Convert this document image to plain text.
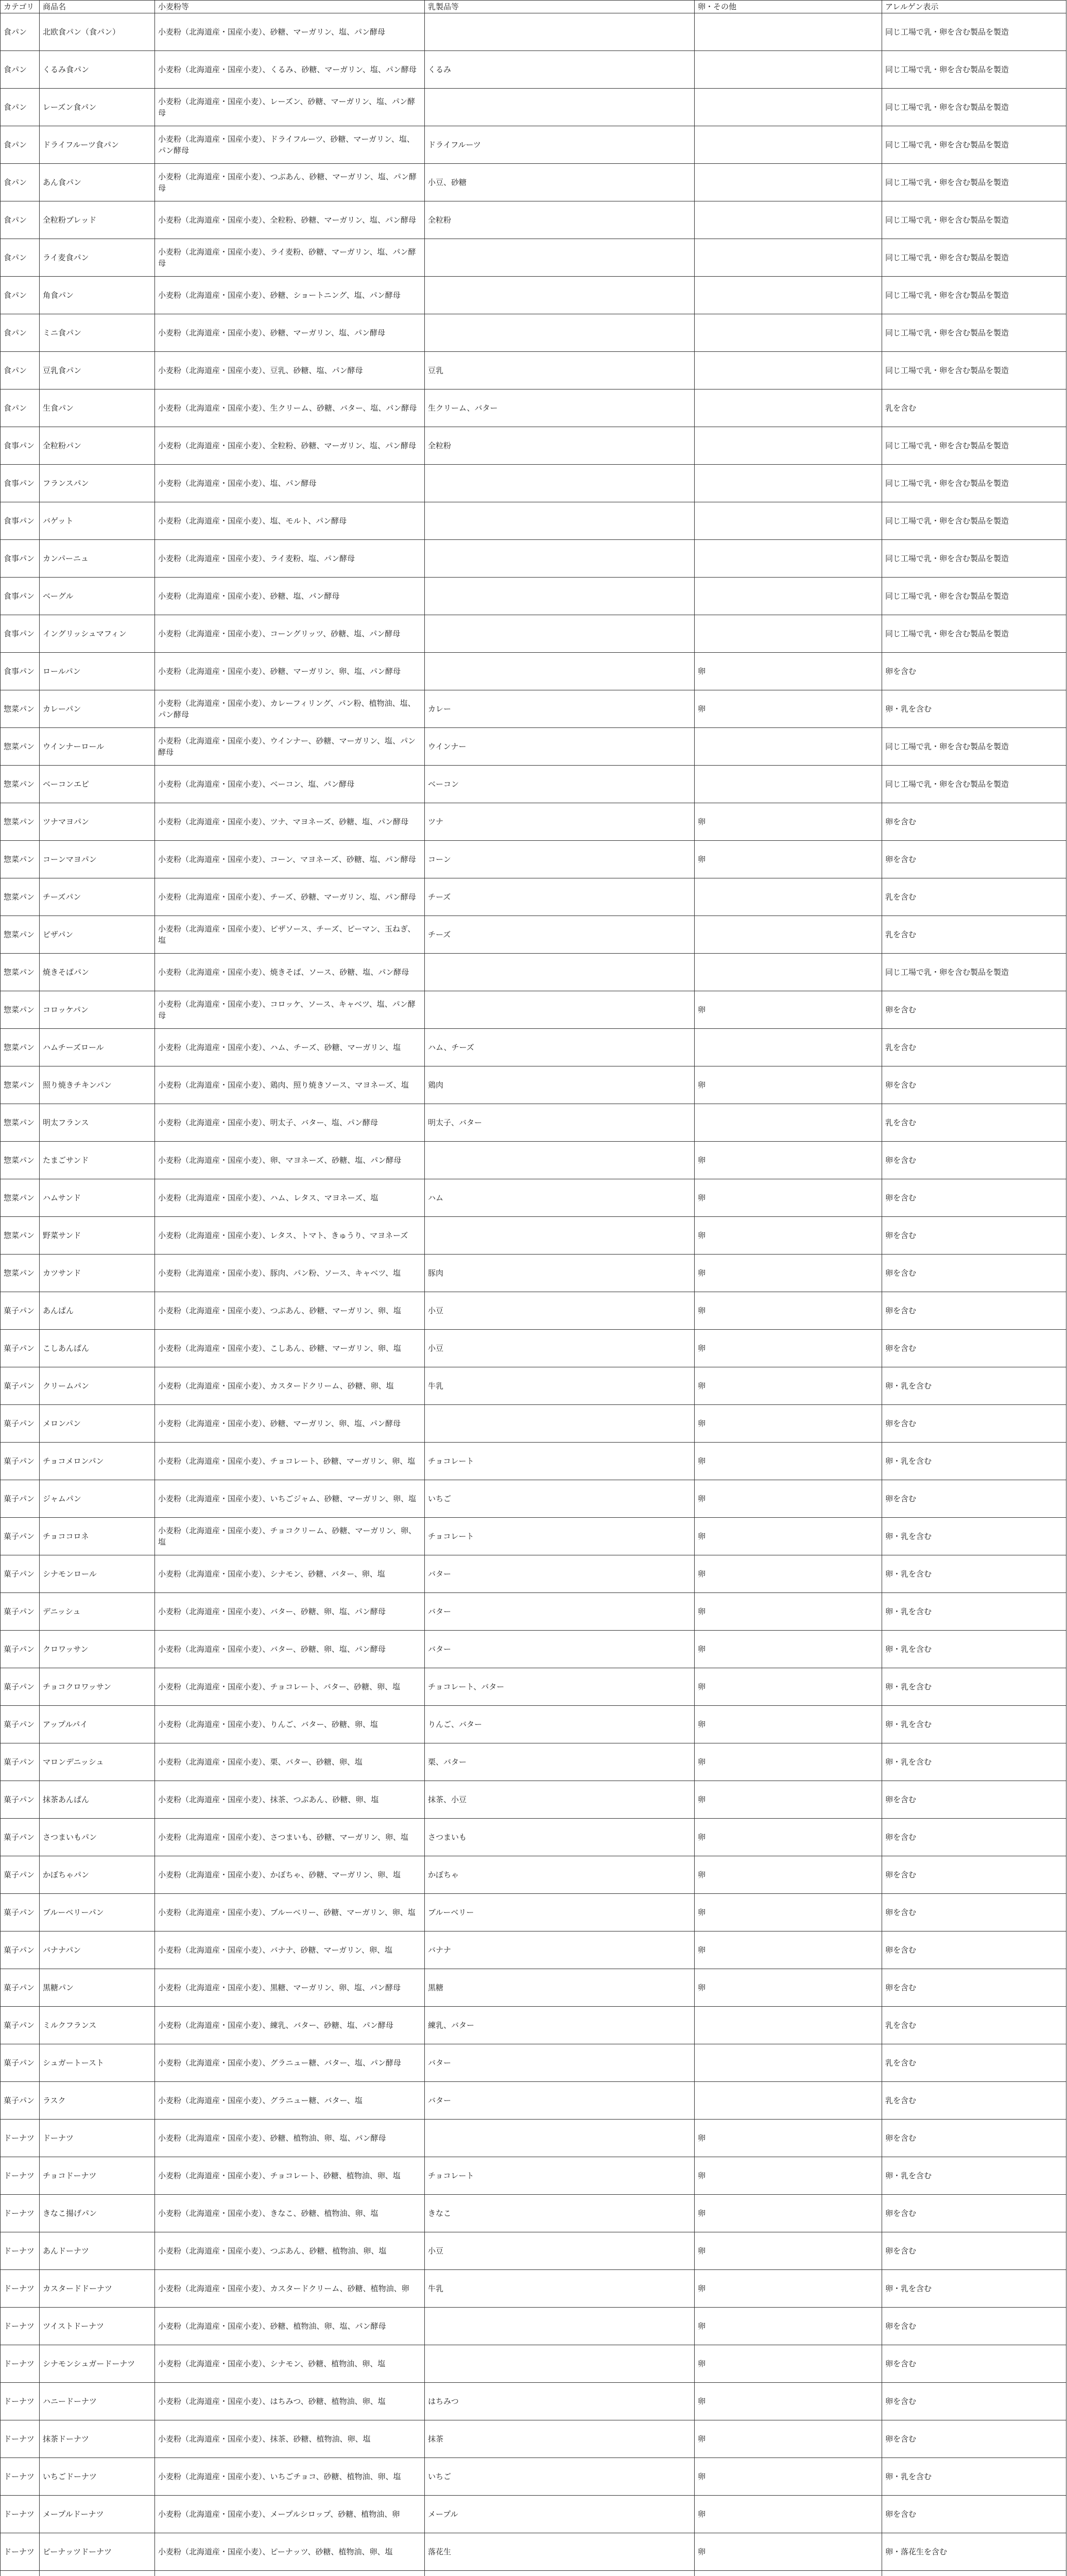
カテゴリ	商品名	小麦粉等	乳製品等	卵・その他	アレルゲン表示
食パン	北欧食パン（食パン）	小麦粉（北海道産・国産小麦）、砂糖、マーガリン、塩、パン酵母			同じ工場で乳・卵を含む製品を製造
食パン	くるみ食パン	小麦粉（北海道産・国産小麦）、くるみ、砂糖、マーガリン、塩、パン酵母	くるみ		同じ工場で乳・卵を含む製品を製造
食パン	レーズン食パン	小麦粉（北海道産・国産小麦）、レーズン、砂糖、マーガリン、塩、パン酵母			同じ工場で乳・卵を含む製品を製造
食パン	ドライフルーツ食パン	小麦粉（北海道産・国産小麦）、ドライフルーツ、砂糖、マーガリン、塩、パン酵母	ドライフルーツ		同じ工場で乳・卵を含む製品を製造
食パン	あん食パン	小麦粉（北海道産・国産小麦）、つぶあん、砂糖、マーガリン、塩、パン酵母	小豆、砂糖		同じ工場で乳・卵を含む製品を製造
食パン	全粒粉ブレッド	小麦粉（北海道産・国産小麦）、全粒粉、砂糖、マーガリン、塩、パン酵母	全粒粉		同じ工場で乳・卵を含む製品を製造
食パン	ライ麦食パン	小麦粉（北海道産・国産小麦）、ライ麦粉、砂糖、マーガリン、塩、パン酵母			同じ工場で乳・卵を含む製品を製造
食パン	角食パン	小麦粉（北海道産・国産小麦）、砂糖、ショートニング、塩、パン酵母			同じ工場で乳・卵を含む製品を製造
食パン	ミニ食パン	小麦粉（北海道産・国産小麦）、砂糖、マーガリン、塩、パン酵母			同じ工場で乳・卵を含む製品を製造
食パン	豆乳食パン	小麦粉（北海道産・国産小麦）、豆乳、砂糖、塩、パン酵母	豆乳		同じ工場で乳・卵を含む製品を製造
食パン	生食パン	小麦粉（北海道産・国産小麦）、生クリーム、砂糖、バター、塩、パン酵母	生クリーム、バター		乳を含む
食事パン	全粒粉パン	小麦粉（北海道産・国産小麦）、全粒粉、砂糖、マーガリン、塩、パン酵母	全粒粉		同じ工場で乳・卵を含む製品を製造
食事パン	フランスパン	小麦粉（北海道産・国産小麦）、塩、パン酵母			同じ工場で乳・卵を含む製品を製造
食事パン	バゲット	小麦粉（北海道産・国産小麦）、塩、モルト、パン酵母			同じ工場で乳・卵を含む製品を製造
食事パン	カンパーニュ	小麦粉（北海道産・国産小麦）、ライ麦粉、塩、パン酵母			同じ工場で乳・卵を含む製品を製造
食事パン	ベーグル	小麦粉（北海道産・国産小麦）、砂糖、塩、パン酵母			同じ工場で乳・卵を含む製品を製造
食事パン	イングリッシュマフィン	小麦粉（北海道産・国産小麦）、コーングリッツ、砂糖、塩、パン酵母			同じ工場で乳・卵を含む製品を製造
食事パン	ロールパン	小麦粉（北海道産・国産小麦）、砂糖、マーガリン、卵、塩、パン酵母		卵	卵を含む
惣菜パン	カレーパン	小麦粉（北海道産・国産小麦）、カレーフィリング、パン粉、植物油、塩、パン酵母	カレー	卵	卵・乳を含む
惣菜パン	ウインナーロール	小麦粉（北海道産・国産小麦）、ウインナー、砂糖、マーガリン、塩、パン酵母	ウインナー		同じ工場で乳・卵を含む製品を製造
惣菜パン	ベーコンエピ	小麦粉（北海道産・国産小麦）、ベーコン、塩、パン酵母	ベーコン		同じ工場で乳・卵を含む製品を製造
惣菜パン	ツナマヨパン	小麦粉（北海道産・国産小麦）、ツナ、マヨネーズ、砂糖、塩、パン酵母	ツナ	卵	卵を含む
惣菜パン	コーンマヨパン	小麦粉（北海道産・国産小麦）、コーン、マヨネーズ、砂糖、塩、パン酵母	コーン	卵	卵を含む
惣菜パン	チーズパン	小麦粉（北海道産・国産小麦）、チーズ、砂糖、マーガリン、塩、パン酵母	チーズ		乳を含む
惣菜パン	ピザパン	小麦粉（北海道産・国産小麦）、ピザソース、チーズ、ピーマン、玉ねぎ、塩	チーズ		乳を含む
惣菜パン	焼きそばパン	小麦粉（北海道産・国産小麦）、焼きそば、ソース、砂糖、塩、パン酵母			同じ工場で乳・卵を含む製品を製造
惣菜パン	コロッケパン	小麦粉（北海道産・国産小麦）、コロッケ、ソース、キャベツ、塩、パン酵母		卵	卵を含む
惣菜パン	ハムチーズロール	小麦粉（北海道産・国産小麦）、ハム、チーズ、砂糖、マーガリン、塩	ハム、チーズ		乳を含む
惣菜パン	照り焼きチキンパン	小麦粉（北海道産・国産小麦）、鶏肉、照り焼きソース、マヨネーズ、塩	鶏肉	卵	卵を含む
惣菜パン	明太フランス	小麦粉（北海道産・国産小麦）、明太子、バター、塩、パン酵母	明太子、バター		乳を含む
惣菜パン	たまごサンド	小麦粉（北海道産・国産小麦）、卵、マヨネーズ、砂糖、塩、パン酵母		卵	卵を含む
惣菜パン	ハムサンド	小麦粉（北海道産・国産小麦）、ハム、レタス、マヨネーズ、塩	ハム	卵	卵を含む
惣菜パン	野菜サンド	小麦粉（北海道産・国産小麦）、レタス、トマト、きゅうり、マヨネーズ		卵	卵を含む
惣菜パン	カツサンド	小麦粉（北海道産・国産小麦）、豚肉、パン粉、ソース、キャベツ、塩	豚肉	卵	卵を含む
菓子パン	あんぱん	小麦粉（北海道産・国産小麦）、つぶあん、砂糖、マーガリン、卵、塩	小豆	卵	卵を含む
菓子パン	こしあんぱん	小麦粉（北海道産・国産小麦）、こしあん、砂糖、マーガリン、卵、塩	小豆	卵	卵を含む
菓子パン	クリームパン	小麦粉（北海道産・国産小麦）、カスタードクリーム、砂糖、卵、塩	牛乳	卵	卵・乳を含む
菓子パン	メロンパン	小麦粉（北海道産・国産小麦）、砂糖、マーガリン、卵、塩、パン酵母		卵	卵を含む
菓子パン	チョコメロンパン	小麦粉（北海道産・国産小麦）、チョコレート、砂糖、マーガリン、卵、塩	チョコレート	卵	卵・乳を含む
菓子パン	ジャムパン	小麦粉（北海道産・国産小麦）、いちごジャム、砂糖、マーガリン、卵、塩	いちご	卵	卵を含む
菓子パン	チョココロネ	小麦粉（北海道産・国産小麦）、チョコクリーム、砂糖、マーガリン、卵、塩	チョコレート	卵	卵・乳を含む
菓子パン	シナモンロール	小麦粉（北海道産・国産小麦）、シナモン、砂糖、バター、卵、塩	バター	卵	卵・乳を含む
菓子パン	デニッシュ	小麦粉（北海道産・国産小麦）、バター、砂糖、卵、塩、パン酵母	バター	卵	卵・乳を含む
菓子パン	クロワッサン	小麦粉（北海道産・国産小麦）、バター、砂糖、卵、塩、パン酵母	バター	卵	卵・乳を含む
菓子パン	チョコクロワッサン	小麦粉（北海道産・国産小麦）、チョコレート、バター、砂糖、卵、塩	チョコレート、バター	卵	卵・乳を含む
菓子パン	アップルパイ	小麦粉（北海道産・国産小麦）、りんご、バター、砂糖、卵、塩	りんご、バター	卵	卵・乳を含む
菓子パン	マロンデニッシュ	小麦粉（北海道産・国産小麦）、栗、バター、砂糖、卵、塩	栗、バター	卵	卵・乳を含む
菓子パン	抹茶あんぱん	小麦粉（北海道産・国産小麦）、抹茶、つぶあん、砂糖、卵、塩	抹茶、小豆	卵	卵を含む
菓子パン	さつまいもパン	小麦粉（北海道産・国産小麦）、さつまいも、砂糖、マーガリン、卵、塩	さつまいも	卵	卵を含む
菓子パン	かぼちゃパン	小麦粉（北海道産・国産小麦）、かぼちゃ、砂糖、マーガリン、卵、塩	かぼちゃ	卵	卵を含む
菓子パン	ブルーベリーパン	小麦粉（北海道産・国産小麦）、ブルーベリー、砂糖、マーガリン、卵、塩	ブルーベリー	卵	卵を含む
菓子パン	バナナパン	小麦粉（北海道産・国産小麦）、バナナ、砂糖、マーガリン、卵、塩	バナナ	卵	卵を含む
菓子パン	黒糖パン	小麦粉（北海道産・国産小麦）、黒糖、マーガリン、卵、塩、パン酵母	黒糖	卵	卵を含む
菓子パン	ミルクフランス	小麦粉（北海道産・国産小麦）、練乳、バター、砂糖、塩、パン酵母	練乳、バター		乳を含む
菓子パン	シュガートースト	小麦粉（北海道産・国産小麦）、グラニュー糖、バター、塩、パン酵母	バター		乳を含む
菓子パン	ラスク	小麦粉（北海道産・国産小麦）、グラニュー糖、バター、塩	バター		乳を含む
ドーナツ	ドーナツ	小麦粉（北海道産・国産小麦）、砂糖、植物油、卵、塩、パン酵母		卵	卵を含む
ドーナツ	チョコドーナツ	小麦粉（北海道産・国産小麦）、チョコレート、砂糖、植物油、卵、塩	チョコレート	卵	卵・乳を含む
ドーナツ	きなこ揚げパン	小麦粉（北海道産・国産小麦）、きなこ、砂糖、植物油、卵、塩	きなこ	卵	卵を含む
ドーナツ	あんドーナツ	小麦粉（北海道産・国産小麦）、つぶあん、砂糖、植物油、卵、塩	小豆	卵	卵を含む
ドーナツ	カスタードドーナツ	小麦粉（北海道産・国産小麦）、カスタードクリーム、砂糖、植物油、卵	牛乳	卵	卵・乳を含む
ドーナツ	ツイストドーナツ	小麦粉（北海道産・国産小麦）、砂糖、植物油、卵、塩、パン酵母		卵	卵を含む
ドーナツ	シナモンシュガードーナツ	小麦粉（北海道産・国産小麦）、シナモン、砂糖、植物油、卵、塩		卵	卵を含む
ドーナツ	ハニードーナツ	小麦粉（北海道産・国産小麦）、はちみつ、砂糖、植物油、卵、塩	はちみつ	卵	卵を含む
ドーナツ	抹茶ドーナツ	小麦粉（北海道産・国産小麦）、抹茶、砂糖、植物油、卵、塩	抹茶	卵	卵を含む
ドーナツ	いちごドーナツ	小麦粉（北海道産・国産小麦）、いちごチョコ、砂糖、植物油、卵、塩	いちご	卵	卵・乳を含む
ドーナツ	メープルドーナツ	小麦粉（北海道産・国産小麦）、メープルシロップ、砂糖、植物油、卵	メープル	卵	卵を含む
ドーナツ	ピーナッツドーナツ	小麦粉（北海道産・国産小麦）、ピーナッツ、砂糖、植物油、卵、塩	落花生	卵	卵・落花生を含む
